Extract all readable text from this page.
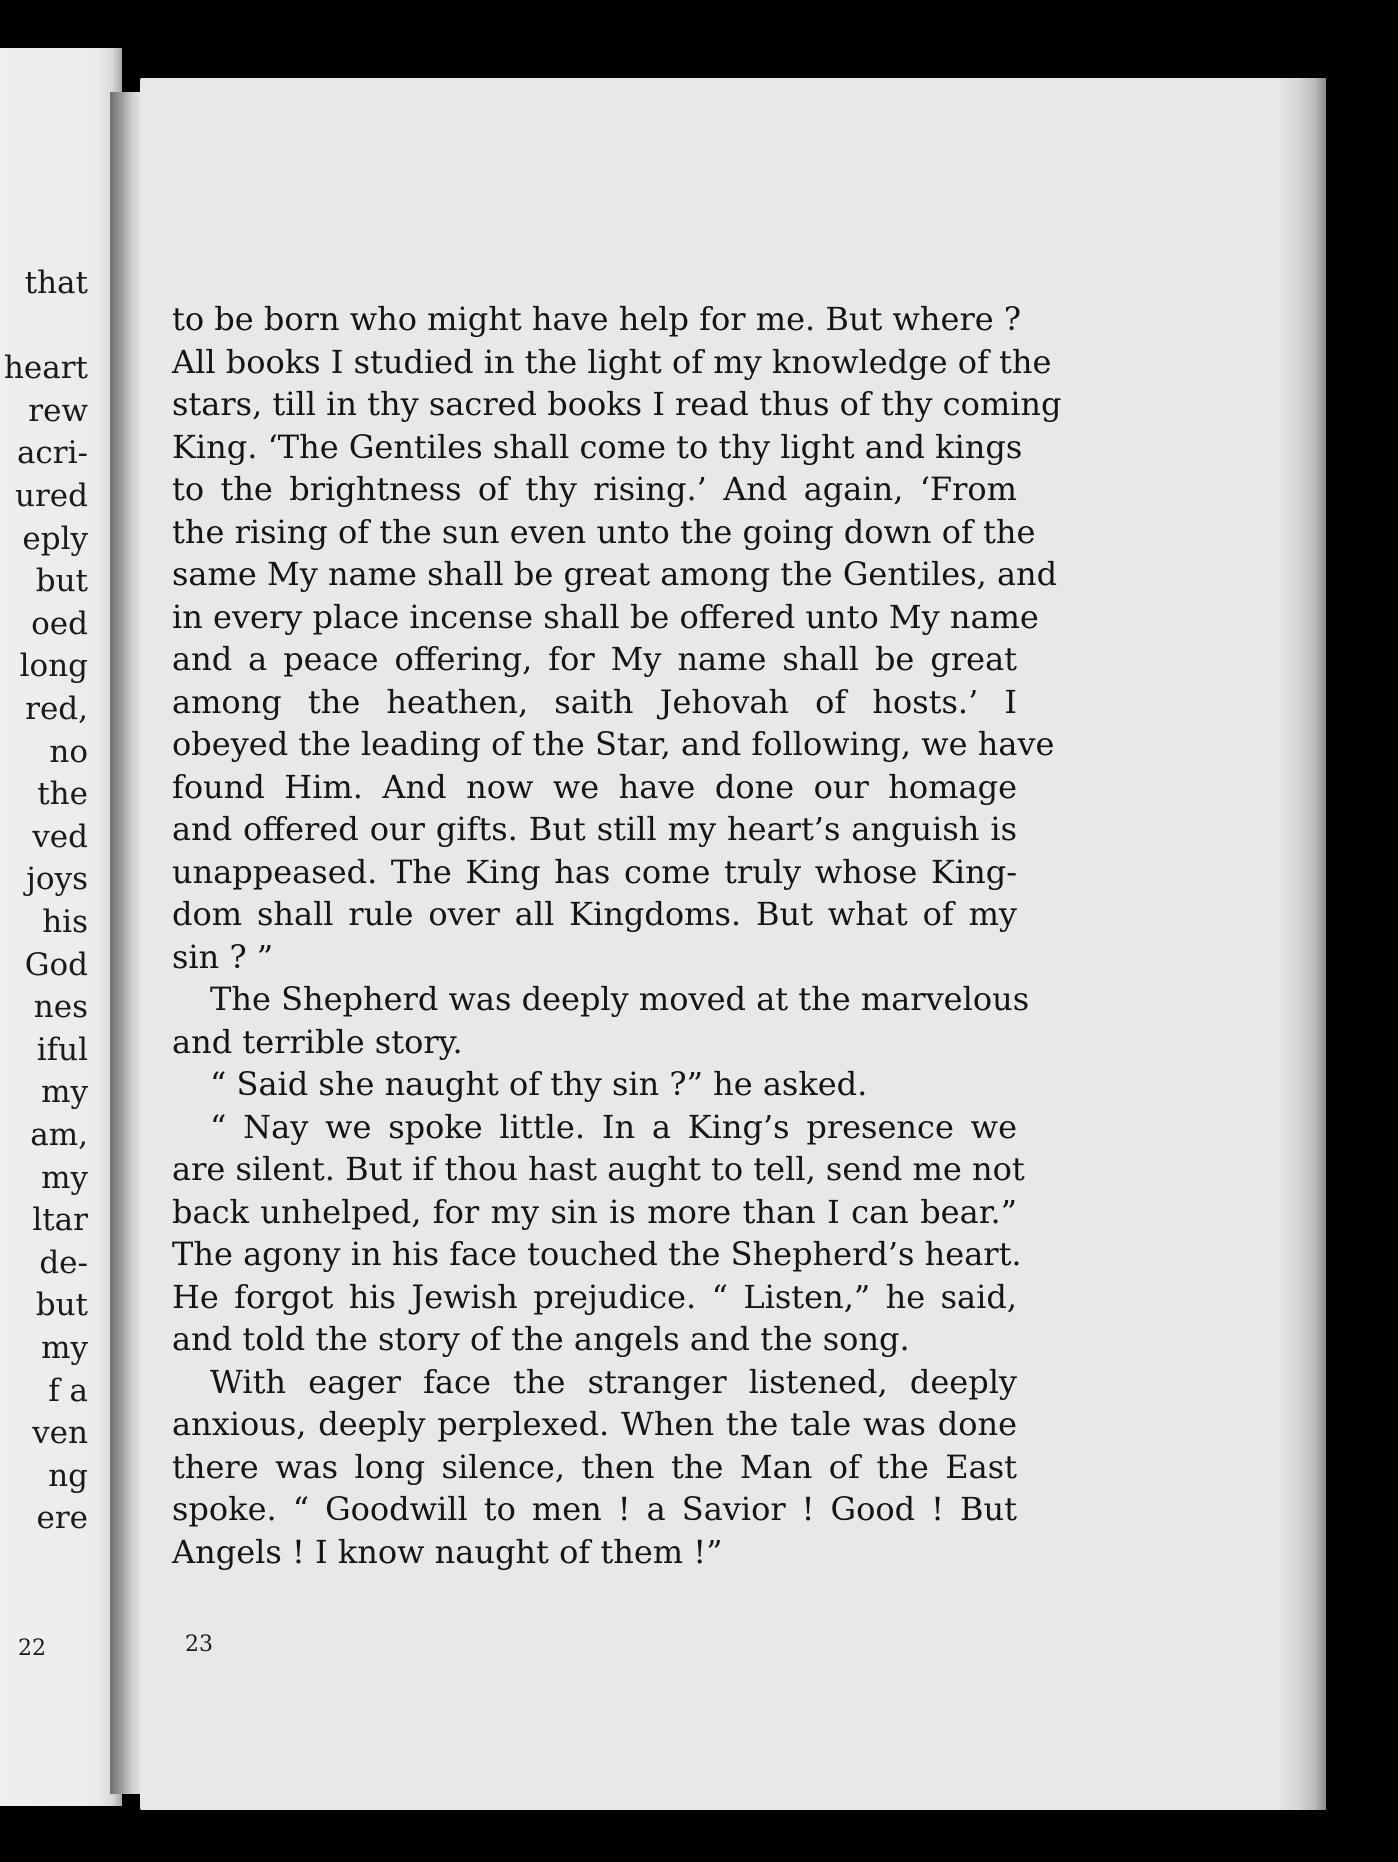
that
heart
rew
acri-
ured
eply
but
oed
long
red,
no
the
ved
joys
his
God
nes
iful
my
am,
my
ltar
de-
but
my
f a
ven
ng
ere
22
to be born who might have help for me. But where ?
All books I studied in the light of my knowledge of the
stars, till in thy sacred books I read thus of thy coming
King. ‘The Gentiles shall come to thy light and kings
to the brightness of thy rising.’ And again, ‘From
the rising of the sun even unto the going down of the
same My name shall be great among the Gentiles, and
in every place incense shall be offered unto My name
and a peace offering, for My name shall be great
among the heathen, saith Jehovah of hosts.’ I
obeyed the leading of the Star, and following, we have
found Him. And now we have done our homage
and offered our gifts. But still my heart’s anguish is
unappeased. The King has come truly whose King-
dom shall rule over all Kingdoms. But what of my
sin ? ”
The Shepherd was deeply moved at the marvelous
and terrible story.
“ Said she naught of thy sin ?” he asked.
“ Nay we spoke little. In a King’s presence we
are silent. But if thou hast aught to tell, send me not
back unhelped, for my sin is more than I can bear.”
The agony in his face touched the Shepherd’s heart.
He forgot his Jewish prejudice. “ Listen,” he said,
and told the story of the angels and the song.
With eager face the stranger listened, deeply
anxious, deeply perplexed. When the tale was done
there was long silence, then the Man of the East
spoke. “ Goodwill to men ! a Savior ! Good ! But
Angels ! I know naught of them !”
23
